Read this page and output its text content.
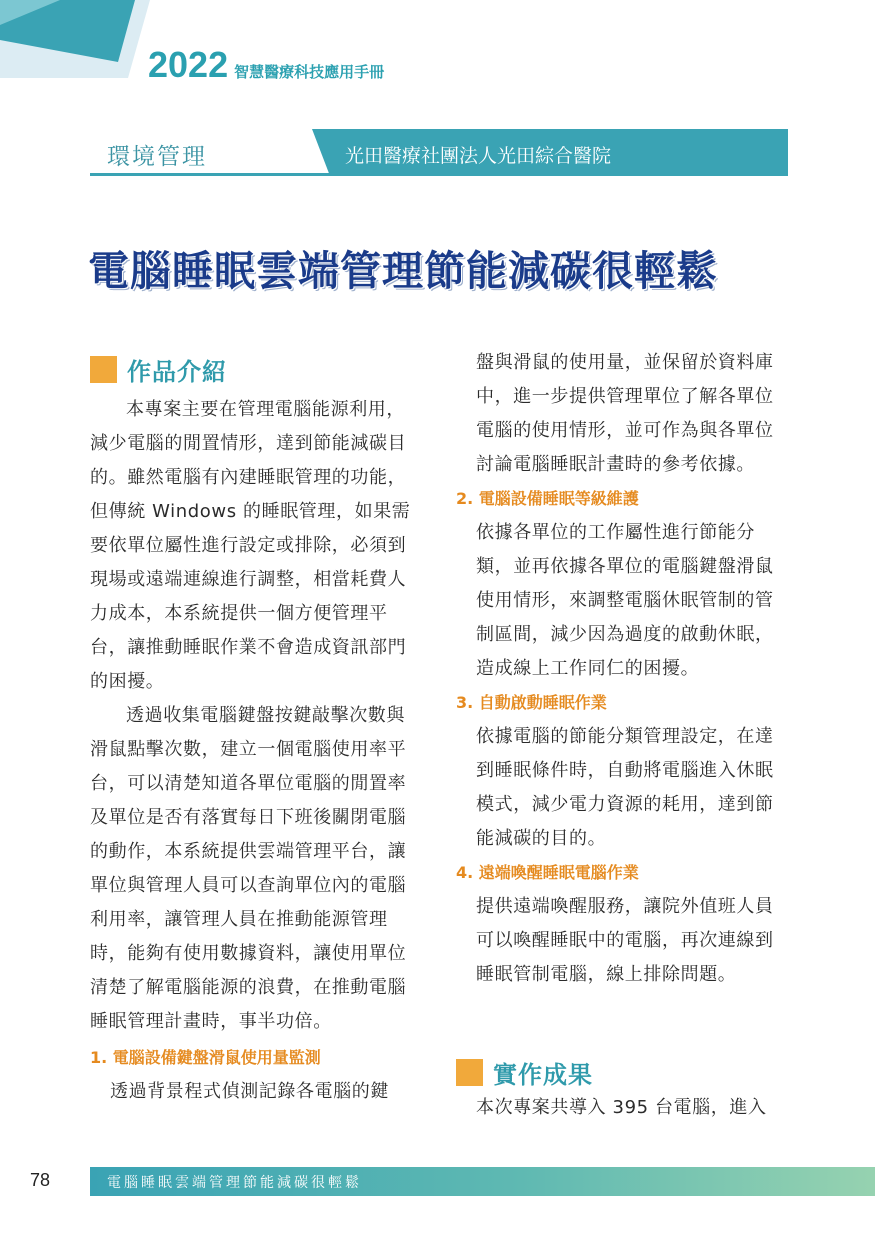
2022 智慧醫療科技應用手冊
環境管理	光田醫療社團法人光田綜合醫院
電腦睡眠雲端管理節能減碳很輕鬆
作品介紹

本專案主要在管理電腦能源利用，減少電腦的閒置情形，達到節能減碳目的。雖然電腦有內建睡眠管理的功能，但傳統 Windows 的睡眠管理，如果需要依單位屬性進行設定或排除，必須到現場或遠端連線進行調整，相當耗費人力成本，本系統提供一個方便管理平台，讓推動睡眠作業不會造成資訊部門的困擾。

透過收集電腦鍵盤按鍵敲擊次數與滑鼠點擊次數，建立一個電腦使用率平台，可以清楚知道各單位電腦的閒置率及單位是否有落實每日下班後關閉電腦的動作，本系統提供雲端管理平台，讓單位與管理人員可以查詢單位內的電腦利用率，讓管理人員在推動能源管理時，能夠有使用數據資料，讓使用單位清楚了解電腦能源的浪費，在推動電腦睡眠管理計畫時，事半功倍。

1. 電腦設備鍵盤滑鼠使用量監測

透過背景程式偵測記錄各電腦的鍵

盤與滑鼠的使用量，並保留於資料庫中，進一步提供管理單位了解各單位電腦的使用情形，並可作為與各單位討論電腦睡眠計畫時的參考依據。

2. 電腦設備睡眠等級維護

依據各單位的工作屬性進行節能分類，並再依據各單位的電腦鍵盤滑鼠使用情形，來調整電腦休眠管制的管制區間，減少因為過度的啟動休眠，造成線上工作同仁的困擾。

3. 自動啟動睡眠作業

依據電腦的節能分類管理設定，在達到睡眠條件時，自動將電腦進入休眠模式，減少電力資源的耗用，達到節能減碳的目的。

4. 遠端喚醒睡眠電腦作業

提供遠端喚醒服務，讓院外值班人員可以喚醒睡眠中的電腦，再次連線到睡眠管制電腦，線上排除問題。

實作成果

本次專案共導入 395 台電腦，進入

78	電腦睡眠雲端管理節能減碳很輕鬆
